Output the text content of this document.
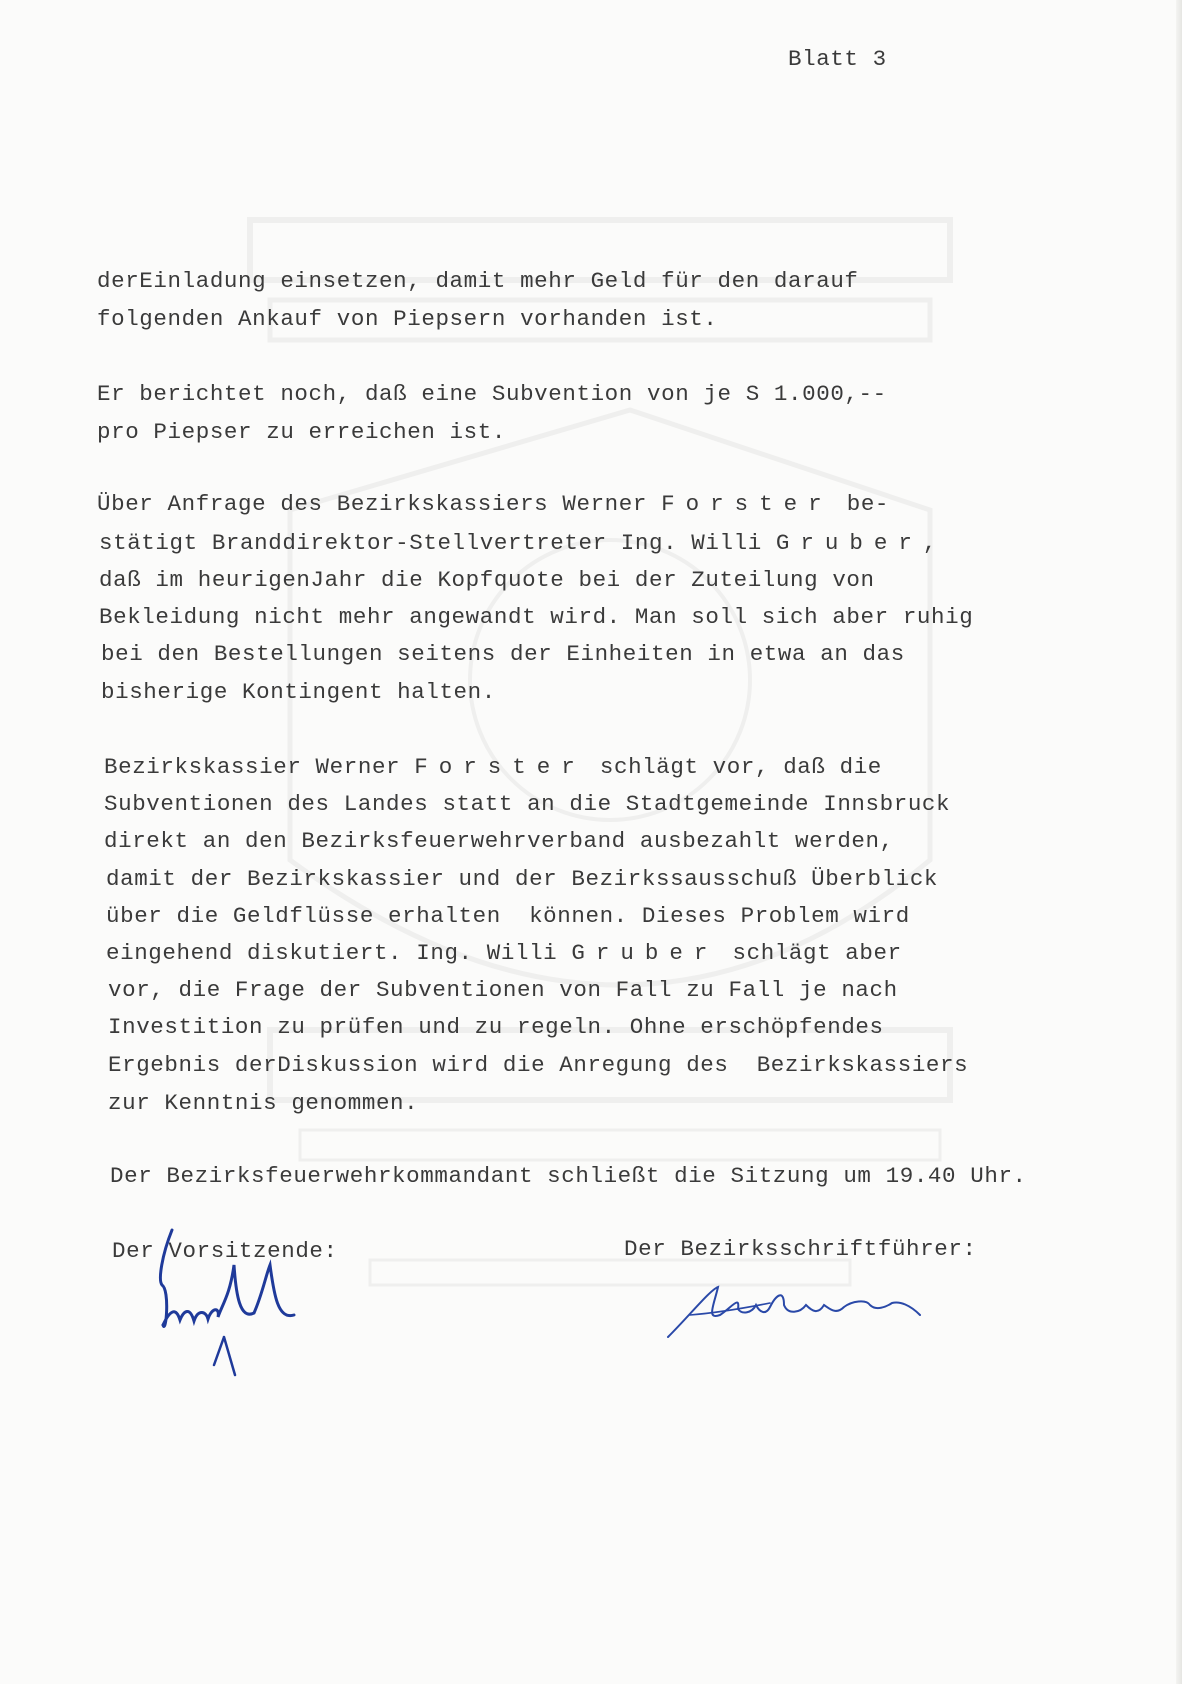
Blatt 3
derEinladung einsetzen, damit mehr Geld für den darauf
folgenden Ankauf von Piepsern vorhanden ist.
Er berichtet noch, daß eine Subvention von je S 1.000,--
pro Piepser zu erreichen ist.
Über Anfrage des Bezirkskassiers Werner Forster be-
stätigt Branddirektor-Stellvertreter Ing. Willi Gruber,
daß im heurigenJahr die Kopfquote bei der Zuteilung von
Bekleidung nicht mehr angewandt wird. Man soll sich aber ruhig
bei den Bestellungen seitens der Einheiten in etwa an das
bisherige Kontingent halten.
Bezirkskassier Werner Forster schlägt vor, daß die
Subventionen des Landes statt an die Stadtgemeinde Innsbruck
direkt an den Bezirksfeuerwehrverband ausbezahlt werden,
damit der Bezirkskassier und der Bezirkssausschuß Überblick
über die Geldflüsse erhalten  können. Dieses Problem wird
eingehend diskutiert. Ing. Willi Gruber schlägt aber
vor, die Frage der Subventionen von Fall zu Fall je nach
Investition zu prüfen und zu regeln. Ohne erschöpfendes
Ergebnis derDiskussion wird die Anregung des  Bezirkskassiers
zur Kenntnis genommen.
Der Bezirksfeuerwehrkommandant schließt die Sitzung um 19.40 Uhr.
Der Vorsitzende:	Der Bezirksschriftführer:
